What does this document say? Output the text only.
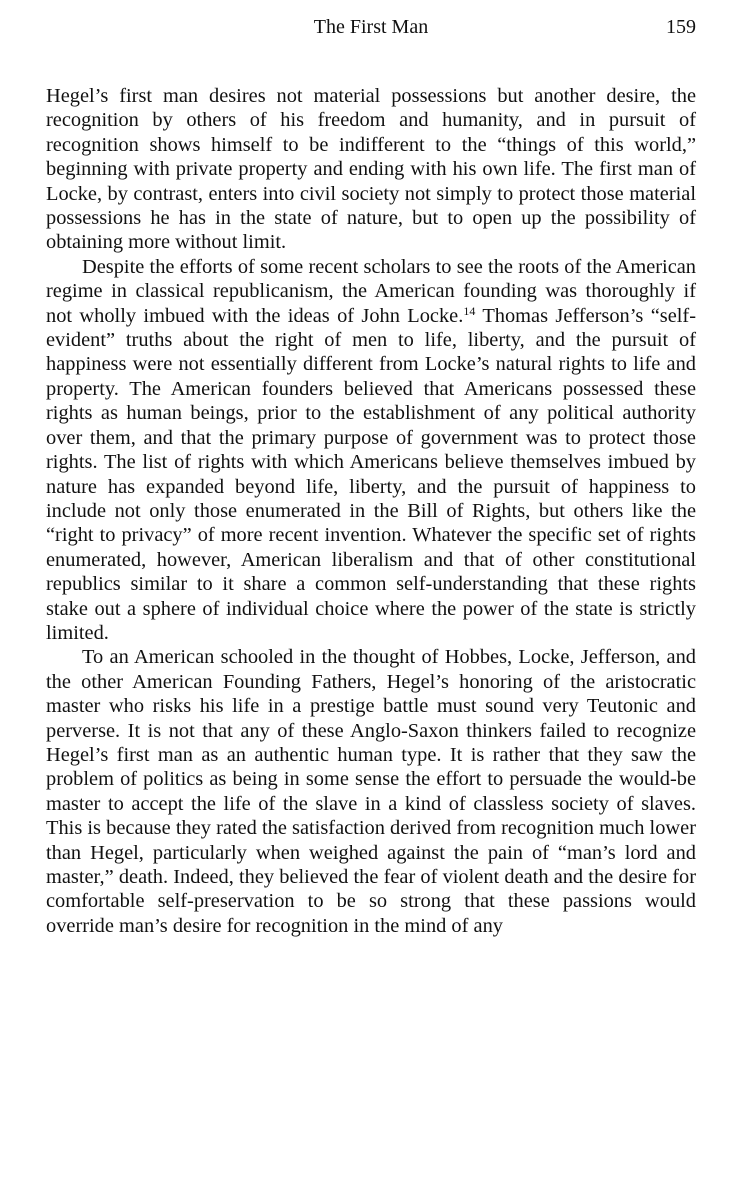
The First Man	159

Hegel’s first man desires not material possessions but another desire, the recognition by others of his freedom and humanity, and in pursuit of recognition shows himself to be indifferent to the “things of this world,” beginning with private property and ending with his own life. The first man of Locke, by contrast, enters into civil society not simply to protect those material possessions he has in the state of nature, but to open up the possibility of obtaining more without limit.

Despite the efforts of some recent scholars to see the roots of the American regime in classical republicanism, the American founding was thoroughly if not wholly imbued with the ideas of John Locke.$^{14}$ Thomas Jefferson’s “self-evident” truths about the right of men to life, liberty, and the pursuit of happiness were not essentially different from Locke’s natural rights to life and property. The American founders believed that Americans possessed these rights as human beings, prior to the establishment of any political authority over them, and that the primary purpose of government was to protect those rights. The list of rights with which Americans believe themselves imbued by nature has expanded beyond life, liberty, and the pursuit of happiness to include not only those enumerated in the Bill of Rights, but others like the “right to privacy” of more recent invention. Whatever the specific set of rights enumerated, however, American liberalism and that of other constitutional republics similar to it share a common self-understanding that these rights stake out a sphere of individual choice where the power of the state is strictly limited.

To an American schooled in the thought of Hobbes, Locke, Jefferson, and the other American Founding Fathers, Hegel’s honoring of the aristocratic master who risks his life in a prestige battle must sound very Teutonic and perverse. It is not that any of these Anglo-Saxon thinkers failed to recognize Hegel’s first man as an authentic human type. It is rather that they saw the problem of politics as being in some sense the effort to persuade the would-be master to accept the life of the slave in a kind of classless society of slaves. This is because they rated the satisfaction derived from recognition much lower than Hegel, particularly when weighed against the pain of “man’s lord and master,” death. Indeed, they believed the fear of violent death and the desire for comfortable self-preservation to be so strong that these passions would override man’s desire for recognition in the mind of any
